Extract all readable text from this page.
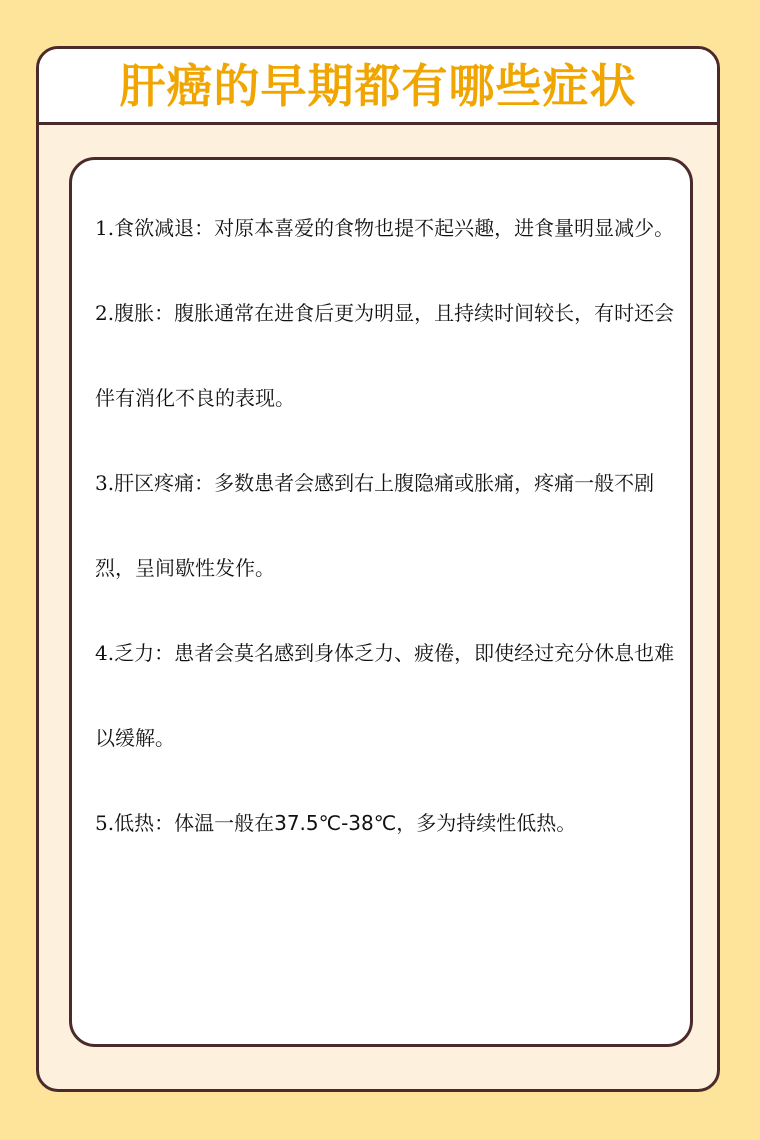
肝癌的早期都有哪些症状
1.食欲减退：对原本喜爱的食物也提不起兴趣，进食量明显减少。
2.腹胀：腹胀通常在进食后更为明显，且持续时间较长，有时还会伴有消化不良的表现。
3.肝区疼痛：多数患者会感到右上腹隐痛或胀痛，疼痛一般不剧烈，呈间歇性发作。
4.乏力：患者会莫名感到身体乏力、疲倦，即使经过充分休息也难以缓解。
5.低热：体温一般在37.5℃-38℃，多为持续性低热。
